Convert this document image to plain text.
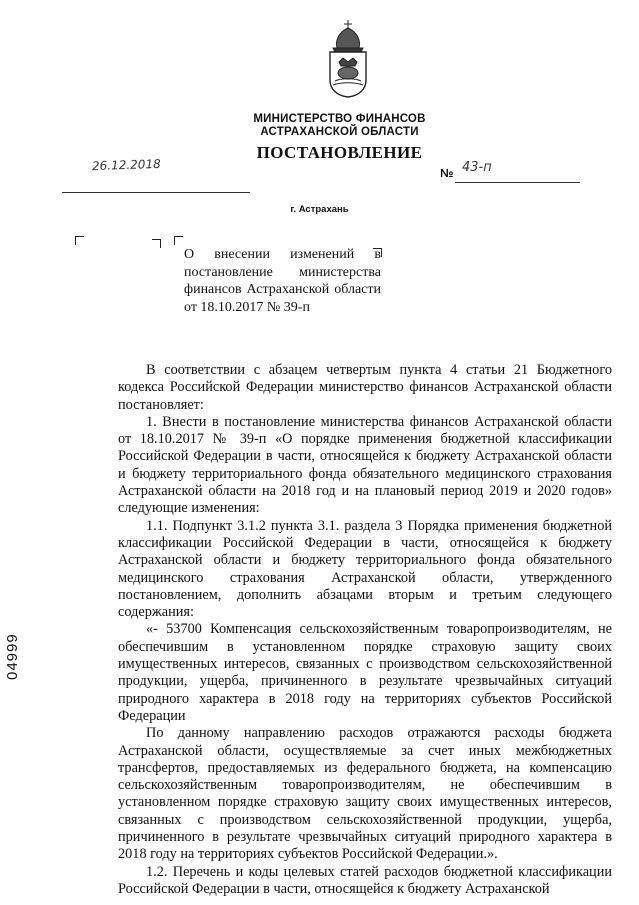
МИНИСТЕРСТВО ФИНАНСОВ
АСТРАХАНСКОЙ ОБЛАСТИ
ПОСТАНОВЛЕНИЕ
26.12.2018	№ 43-п
г. Астрахань
О внесении изменений в постановление министерства финансов Астраханской области от 18.10.2017 № 39-п

В соответствии с абзацем четвертым пункта 4 статьи 21 Бюджетного кодекса Российской Федерации министерство финансов Астраханской области постановляет:

1. Внести в постановление министерства финансов Астраханской области от 18.10.2017 № 39-п «О порядке применения бюджетной классификации Российской Федерации в части, относящейся к бюджету Астраханской области и бюджету территориального фонда обязательного медицинского страхования Астраханской области на 2018 год и на плановый период 2019 и 2020 годов» следующие изменения:

1.1. Подпункт 3.1.2 пункта 3.1. раздела 3 Порядка применения бюджетной классификации Российской Федерации в части, относящейся к бюджету Астраханской области и бюджету территориального фонда обязательного медицинского страхования Астраханской области, утвержденного постановлением, дополнить абзацами вторым и третьим следующего содержания:

«- 53700 Компенсация сельскохозяйственным товаропроизводителям, не обеспечившим в установленном порядке страховую защиту своих имущественных интересов, связанных с производством сельскохозяйственной продукции, ущерба, причиненного в результате чрезвычайных ситуаций природного характера в 2018 году на территориях субъектов Российской Федерации

По данному направлению расходов отражаются расходы бюджета Астраханской области, осуществляемые за счет иных межбюджетных трансфертов, предоставляемых из федерального бюджета, на компенсацию сельскохозяйственным товаропроизводителям, не обеспечившим в установленном порядке страховую защиту своих имущественных интересов, связанных с производством сельскохозяйственной продукции, ущерба, причиненного в результате чрезвычайных ситуаций природного характера в 2018 году на территориях субъектов Российской Федерации.».

1.2. Перечень и коды целевых статей расходов бюджетной классификации Российской Федерации в части, относящейся к бюджету Астраханской

04999
